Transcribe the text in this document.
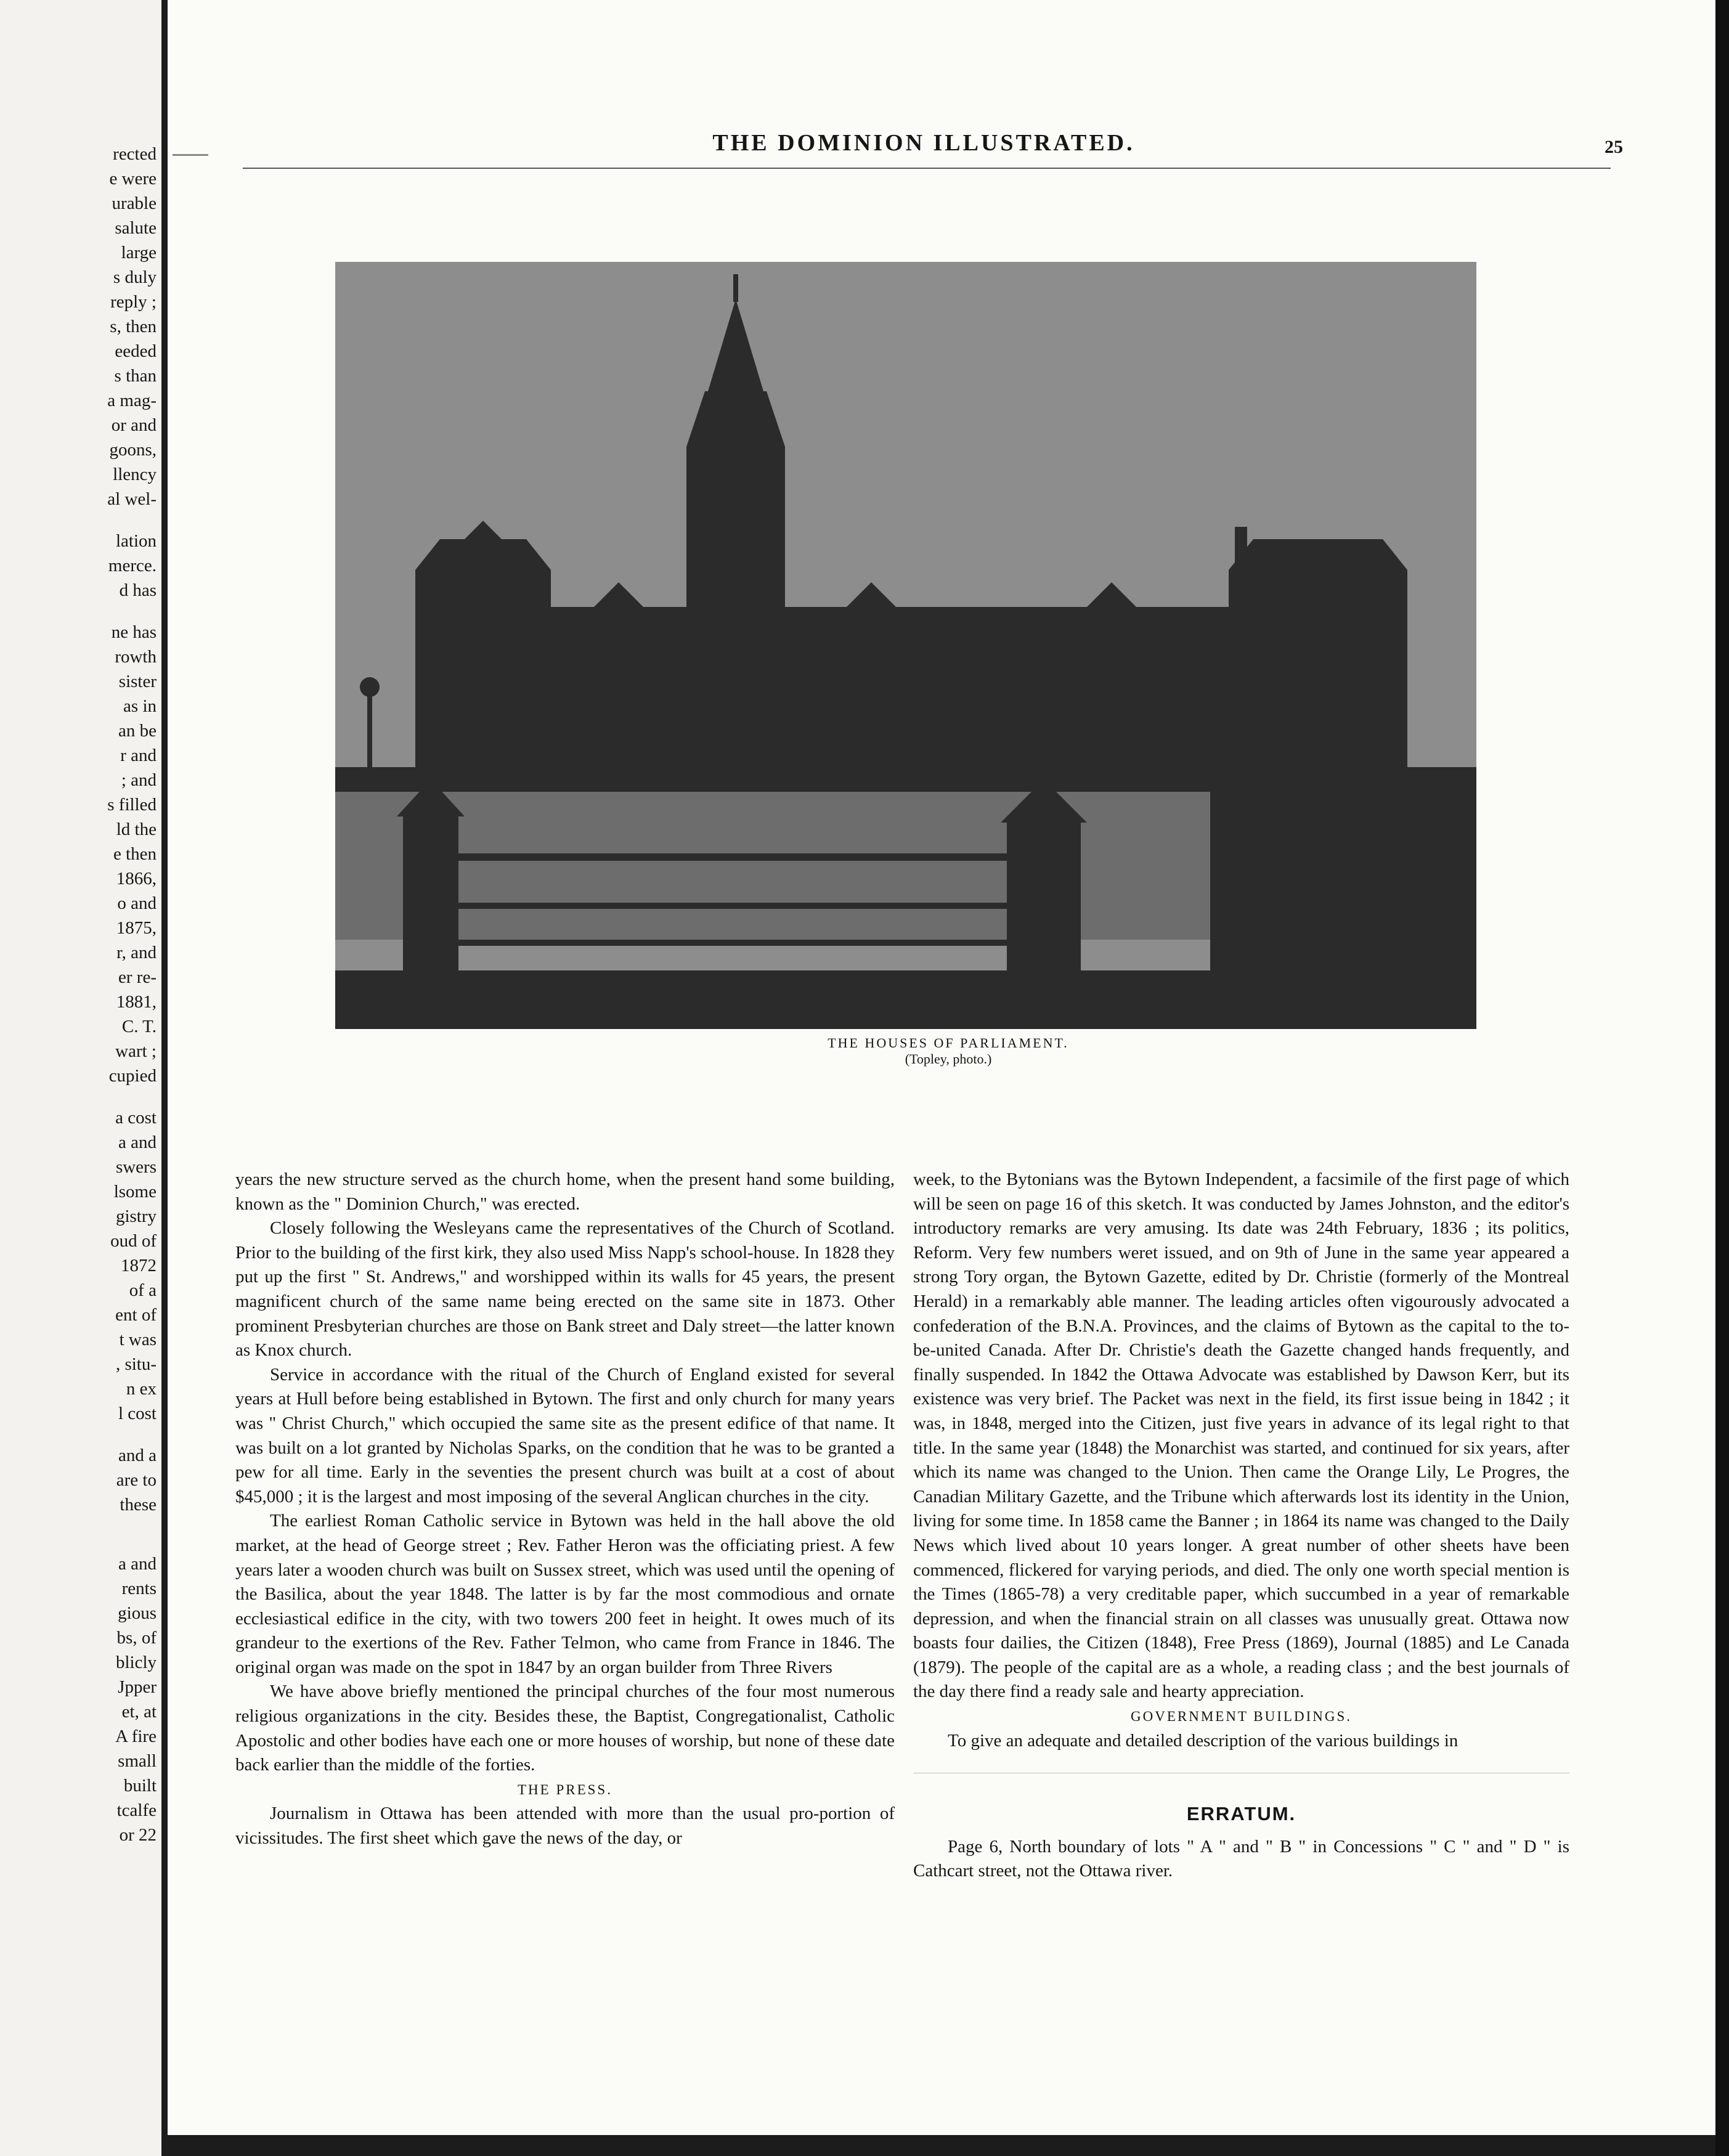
rected
e were
urable
salute
large
s duly
reply ;
s, then
eeded
s than
a mag-
or and
goons,
llency
al wel-
lation
merce.
d has
ne has
rowth
sister
as in
an be
r and
; and
s filled
ld the
e then
1866,
o and
1875,
r, and
er re-
1881,
C. T.
wart ;
cupied
a cost
a and
swers
lsome
gistry
oud of
1872
of a
ent of
t was
, situ-
n ex
l cost
and a
are to
these
a and
rents
gious
bs, of
blicly
Jpper
et, at
A fire
small
built
tcalfe
or 22
THE DOMINION ILLUSTRATED.	25
THE HOUSES OF PARLIAMENT.
(Topley, photo.)

years the new structure served as the church home, when the present hand some building, known as the " Dominion Church," was erected.

Closely following the Wesleyans came the representatives of the Church of Scotland. Prior to the building of the first kirk, they also used Miss Napp's school-house. In 1828 they put up the first " St. Andrews," and worshipped within its walls for 45 years, the present magnificent church of the same name being erected on the same site in 1873. Other prominent Presbyterian churches are those on Bank street and Daly street—the latter known as Knox church.

Service in accordance with the ritual of the Church of England existed for several years at Hull before being established in Bytown. The first and only church for many years was " Christ Church," which occupied the same site as the present edifice of that name. It was built on a lot granted by Nicholas Sparks, on the condition that he was to be granted a pew for all time. Early in the seventies the present church was built at a cost of about $45,000 ; it is the largest and most imposing of the several Anglican churches in the city.

The earliest Roman Catholic service in Bytown was held in the hall above the old market, at the head of George street ; Rev. Father Heron was the officiating priest. A few years later a wooden church was built on Sussex street, which was used until the opening of the Basilica, about the year 1848. The latter is by far the most commodious and ornate ecclesiastical edifice in the city, with two towers 200 feet in height. It owes much of its grandeur to the exertions of the Rev. Father Telmon, who came from France in 1846. The original organ was made on the spot in 1847 by an organ builder from Three Rivers

We have above briefly mentioned the principal churches of the four most numerous religious organizations in the city. Besides these, the Baptist, Congregationalist, Catholic Apostolic and other bodies have each one or more houses of worship, but none of these date back earlier than the middle of the forties.

THE PRESS.

Journalism in Ottawa has been attended with more than the usual pro-portion of vicissitudes. The first sheet which gave the news of the day, or

week, to the Bytonians was the Bytown Independent, a facsimile of the first page of which will be seen on page 16 of this sketch. It was conducted by James Johnston, and the editor's introductory remarks are very amusing. Its date was 24th February, 1836 ; its politics, Reform. Very few numbers weret issued, and on 9th of June in the same year appeared a strong Tory organ, the Bytown Gazette, edited by Dr. Christie (formerly of the Montreal Herald) in a remarkably able manner. The leading articles often vigourously advocated a confederation of the B.N.A. Provinces, and the claims of Bytown as the capital to the to-be-united Canada. After Dr. Christie's death the Gazette changed hands frequently, and finally suspended. In 1842 the Ottawa Advocate was established by Dawson Kerr, but its existence was very brief. The Packet was next in the field, its first issue being in 1842 ; it was, in 1848, merged into the Citizen, just five years in advance of its legal right to that title. In the same year (1848) the Monarchist was started, and continued for six years, after which its name was changed to the Union. Then came the Orange Lily, Le Progres, the Canadian Military Gazette, and the Tribune which afterwards lost its identity in the Union, living for some time. In 1858 came the Banner ; in 1864 its name was changed to the Daily News which lived about 10 years longer. A great number of other sheets have been commenced, flickered for varying periods, and died. The only one worth special mention is the Times (1865-78) a very creditable paper, which succumbed in a year of remarkable depression, and when the financial strain on all classes was unusually great. Ottawa now boasts four dailies, the Citizen (1848), Free Press (1869), Journal (1885) and Le Canada (1879). The people of the capital are as a whole, a reading class ; and the best journals of the day there find a ready sale and hearty appreciation.

GOVERNMENT BUILDINGS.

To give an adequate and detailed description of the various buildings in

ERRATUM.

Page 6, North boundary of lots " A " and " B " in Concessions " C " and " D " is Cathcart street, not the Ottawa river.
